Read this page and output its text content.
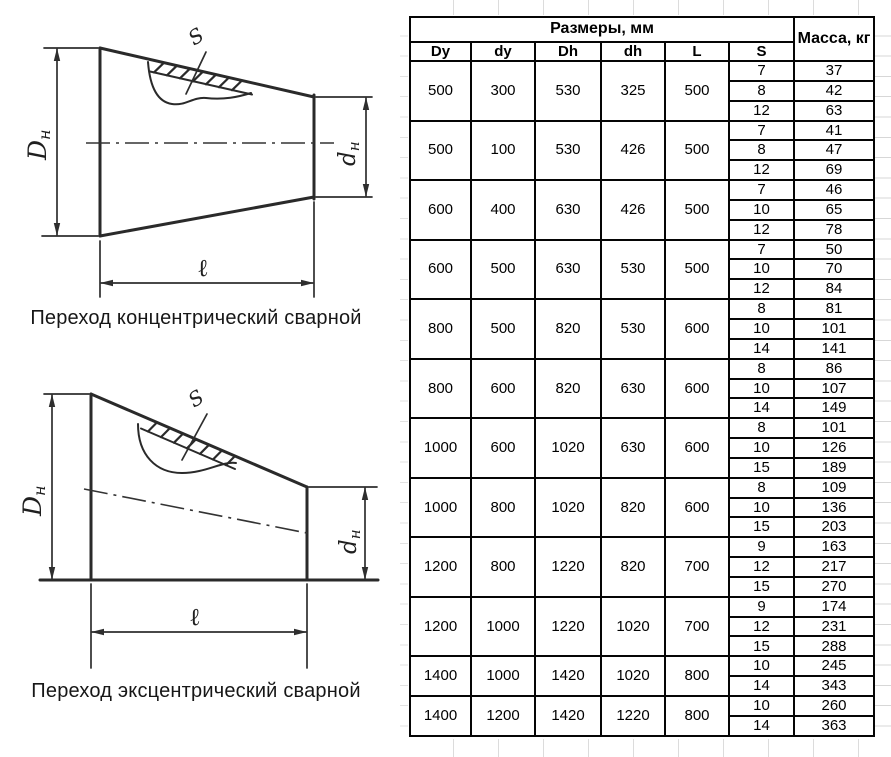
S
Dн
dн
ℓ
S
Dн
dн
ℓ
Переход концентрический сварной
Переход эксцентрический сварной
Размеры, мм						Масса, кг
Dy	dy	Dh	dh	L	S	
500	300	530	325	500	7	37
					8	42
					12	63
500	100	530	426	500	7	41
					8	47
					12	69
600	400	630	426	500	7	46
					10	65
					12	78
600	500	630	530	500	7	50
					10	70
					12	84
800	500	820	530	600	8	81
					10	101
					14	141
800	600	820	630	600	8	86
					10	107
					14	149
1000	600	1020	630	600	8	101
					10	126
					15	189
1000	800	1020	820	600	8	109
					10	136
					15	203
1200	800	1220	820	700	9	163
					12	217
					15	270
1200	1000	1220	1020	700	9	174
					12	231
					15	288
1400	1000	1420	1020	800	10	245
					14	343
1400	1200	1420	1220	800	10	260
					14	363
